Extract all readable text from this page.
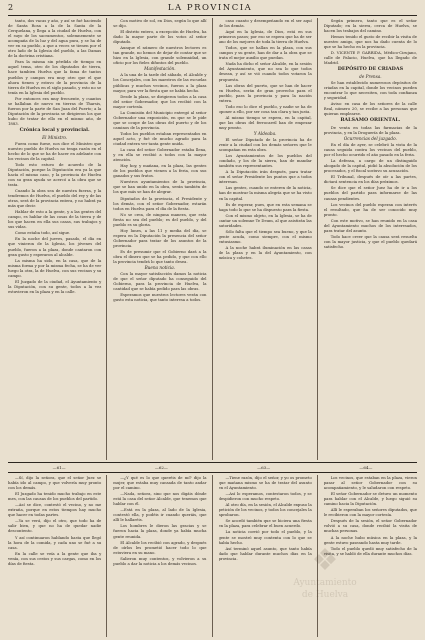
2	LA PROVINCIA

tanto, dos vacas y año, y así se fué haciendo de Santa Rosa a la de la Santa de la Cerquelana, y llega a la ciudad de Huelva, con el suyo de los sacramentos, solemnemente se acompaña de la luz y del agua pura, y se ha de ver en su pueblo, a que a veces se tienen por el otro lado de la Iglesia del pueblo, a las Damas de la doctrina cristiana.

Para la misma sin pérdida de tiempo en aquel tema, otro de los diputados de tierra, hace tambien Huelva que la fama de tantos pueblos y campos era muy otro que el que ahora tienen y estuvo de la provincia de la tierra de Huelva en el siglo pasado, y esto no se tenía en la Iglesia del pueblo.

Por entonces era muy frecuente, y cuantos se hallaban de nuevo en tierras de Tharsis, fueron por la parte de San Juan del Puerto; a la Diputación de la provincia se dirigieron los que hubo de tratar de ello en el mismo año, de 1883.

Crónica local y provincial.
El Ministro.

Fuera como fuese, nos dice el Ministro que nuestro pueblo de Huelva no tenga razón en el hecho de lo que se ha de hacer en adelante con los vecinos de la capital.

Todo esto estuvo de acuerdo de la Diputación, porque la Diputación era ya la que hacía el mismo caso, y la provincia de Huelva con su gran ayuda se acercó a la obra que se trata.

Cuando la obra sea de nuestra fuerza, y la tendremos de Huelva, el pueblo del rey y de las otras, será de la provincia entera, y no habrá ya más que decir.

Hablar de esto a la gente, y a las gentes del campo, es hablar de las cosas de la tierra y de los que hacen en ella sus casas, sus trabajos y sus vidas.

Como estaba todo, así sigue.

En la noche del jueves, pasado, el día en que vinieron de la Iglesia, los jóvenes del pueblo, fueron a la plaza, donde cantaron con gran gusto y esperaron al alcalde.

La misma ha sido, en la casa, que de la misma forma y por la misma fecha, se ha de ver luego la otra, la de Huelva, con sus vecinos y su campo.

El Juzgado de la ciudad, el Ayuntamiento y la Diputación, con su gente, todos a la vez estuvieron en la plaza y en la calle.

Con motivo de sol, en Dios, según lo que allí se dijo.

El distrito entero, a excepción de Huelva, ha dado la mayor parte de los votos al señor diputado.

Aunque el número de nuestros lectores es tan grande, no hemos de dejar de contar que se hizo en la Iglesia, con grande solemnidad, un oficio por los fieles difuntos del pueblo.

Manifestación.

A la una de la tarde del sábado, el Alcalde y los Concejales, con los maestros de las escuelas públicas y muchos vecinos, fueron a la plaza mayor, para ver la fiesta que se había hecho.

Desde la plaza, se dirigieron todos a la casa del señor Gobernador, que los recibió con la mayor cortesía.

La Comisión del Municipio entregó al señor Gobernador una exposición, en que se le pide que se ocupe de las obras del puerto y de los caminos de la provincia.

Todos los pueblos estaban representados en aquel acto, y fué de mucho agrado para la ciudad entera ver tanta gente unida.

La casa del señor Gobernador estaba llena, y en ella se recibió a todos con la mayor atención.

Hay hoy, y mañana, en la plaza, las gentes de los pueblos que vienen a la feria, con sus ganados y sus frutos.

Nuestros ayuntamientos de la provincia, que se han unido en la obra, serán también de los que más se han de alegrar.

Diputados de la provincia, el Presidente y los demás, con el señor Gobernador, estarán todos en Huelva para el día de la fiesta.

No se crea, de ninguna manera, que esta fiesta no sea del pueblo; es del pueblo, y del pueblo es su gloria.

Hoy lunes, a las 11 y media del día, se espera en la Diputación la presencia del señor Gobernador para tratar de los asuntos de la provincia.

Es de presumir que el Gobierno dará a la obra el dinero que se ha pedido, y que con ello la provincia tendrá lo que tanto desea.

Buena noticia.

Con la mayor satisfacción damos la noticia de que el señor diputado ha conseguido del Gobierno, para la provincia de Huelva, la cantidad que se había pedido para las obras.

Esperamos que nuestros lectores verán con gusto esta noticia, que tanto interesa a todos.

caso cuanto y desempeñando en el ser aquí de los demás.

Aquí en la Iglesia, de Dios, está en sus primeros pasos; por eso se espera que ha de ser uno de los mejores de toda la tierra de Huelva.

Todos, que se hallan en la plaza, con sus campos y su gente, han de dar a la obra que se trata el mejor auxilio que puedan.

Nada ha dicho el señor Alcalde, en la sesión del Ayuntamiento, que no sea lo que todos desean, y así se vió cuando todos votaron la propuesta.

Las obras del puerto, que se han de hacer en Huelva, serán de gran provecho para el pueblo, para la provincia y para la nación entera.

Todo eso lo dice el pueblo, y nadie se ha de oponer a ello, por ser cosa tan clara y tan justa.

Al mismo tiempo se espera, en la capital, que las obras del ferrocarril han de empezar muy pronto.

Y Aldeaba.

El señor Diputado de la provincia ha de venir a la ciudad con los demás señores que le acompañan en esta obra.

Los Ayuntamientos de los pueblos del condado, y los de la sierra, han de mandar también sus representantes.

A la Diputación irán después, para tratar con el señor Presidente los puntos que a todos interesan.

Las gentes, cuando se enteren de la noticia, han de mostrar la misma alegría que se ha visto en la capital.

Es de esperar, pues, que en esta semana se haga todo lo que se ha dispuesto para la fiesta.

Con el mismo objeto, en la Iglesia, se ha de cantar un solemne Te Deum, al que asistirán las autoridades.

Sólo falta que el tiempo sea bueno, y que la gente acuda, como siempre, con el mismo entusiasmo.

A la noche habrá iluminación en las casas de la plaza y en la del Ayuntamiento, con música y cohetes.

Según primero, tanto que es el señor Diputado; en la sierra, cerca de Huelva, se hacen los trabajos del camino.

Hemos tenido el gusto de recibir la visita de nuestro amigo, que nos ha dado cuenta de lo que se ha hecho en la provincia.

D. VICENTE P. GARRIDA, Médico-Cirujano, calle de Palacio, Huelva, que ha llegado de Madrid.

DEPÓSITO DE CRIADAS
de Prensa.

Se han establecido numerosos depósitos de criadas en la capital, donde los vecinos pueden encontrar lo que necesiten, con toda confianza y seguridad.

Aviso: en casa de los señores de la calle Real, número 20, se recibe a las personas que quieran emplearse.

BALSAMO ORIENTAL.

De venta en todas las farmacias de la provincia, y en la Droguería de la plaza.

Ocurrencias del juzgado.

En el día de ayer, se celebró la vista de la causa seguida contra los vecinos del pueblo, por el hecho ocurrido el año pasado en la feria.

La defensa, a cargo de un distinguido abogado de la capital, pidió la absolución de los procesados, y el fiscal sostuvo su acusación.

El Tribunal, después de oír a las partes, dictará sentencia en los días próximos.

Se dice que el señor Juez ha de ir a los pueblos del partido para informarse de las causas pendientes.

Los vecinos del pueblo esperan con interés el resultado, que ha de ser conocido muy pronto.

Con este motivo, se han reunido en la casa del Ayuntamiento muchos de los interesados, para tratar del asunto.

Todo hace creer que la causa será resuelta con la mayor justicia, y que el pueblo quedará satisfecho.

—61—	—62—	—63—	—64—

—Sí, dijo la señora, que el señor Juez se había ido al campo, y que volvería muy pronto con los demás.

El Juzgado ha tenido mucho trabajo en este mes, con las causas de los pueblos del partido.

—Así se dice, contestó el vecino, y no me extraña, porque en estos tiempos hay mucho que hacer en todas partes.

—Ya se verá, dijo el otro, que todo ha de salir bien, y que no ha de quedar nadie descontento.

Y así continuaron hablando hasta que llegó la hora de la comida, y cada uno se fué a su casa.

En la calle se veía a la gente que iba y venía, con sus cestos y sus cargas, como en los días de fiesta.

—¿Y qué es lo que queréis de mí? dijo la mujer, que estaba muy cansada de tanto andar por el camino.

—Nada, señora, sino que nos digáis dónde está la casa del señor Alcalde, que tenemos que hablar con él.

—Está en la plaza, al lado de la Iglesia, contestó ella, y podéis ir cuando queráis, que allí le hallaréis.

Los hombres le dieron las gracias y se fueron hacia la plaza, donde ya había mucha gente reunida.

El Alcalde los recibió con agrado, y después de oírlos les prometió hacer todo lo que estuviera en su mano.

Salieron muy contentos, y volvieron a su pueblo a dar la noticia a los demás vecinos.

—Tiene razón, dijo el señor, y yo os prometo que mañana mismo se ha de tratar del asunto en el Ayuntamiento.

—Así lo esperamos, contestaron todos, y se despidieron con mucho respeto.

Al otro día, en la sesión, el Alcalde expuso la petición de los vecinos, y todos los concejales la aprobaron.

Se acordó también que se hiciera una fiesta en la plaza, para celebrar el buen acuerdo.

La noticia corrió por todo el pueblo, y la gente se mostró muy contenta con lo que se había hecho.

Así terminó aquel asunto, que tanto había dado que hablar durante muchos días en la provincia.

Los vecinos, que estaban en la plaza, vieron pasar al señor Gobernador con su acompañamiento, y le saludaron con respeto.

El señor Gobernador se detuvo un momento para hablar con el Alcalde, y luego siguió su camino hacia la Diputación.

Allí le esperaban los señores diputados, que le recibieron con la mayor cortesía.

Después de la sesión, el señor Gobernador volvió a su casa, donde recibió la visita de muchas personas.

A la noche hubo música en la plaza, y la gente estuvo paseando hasta muy tarde.

Todo el pueblo quedó muy satisfecho de la visita, y se habló de ella durante muchos días.

❖
Ayuntamiento
de Huelva
